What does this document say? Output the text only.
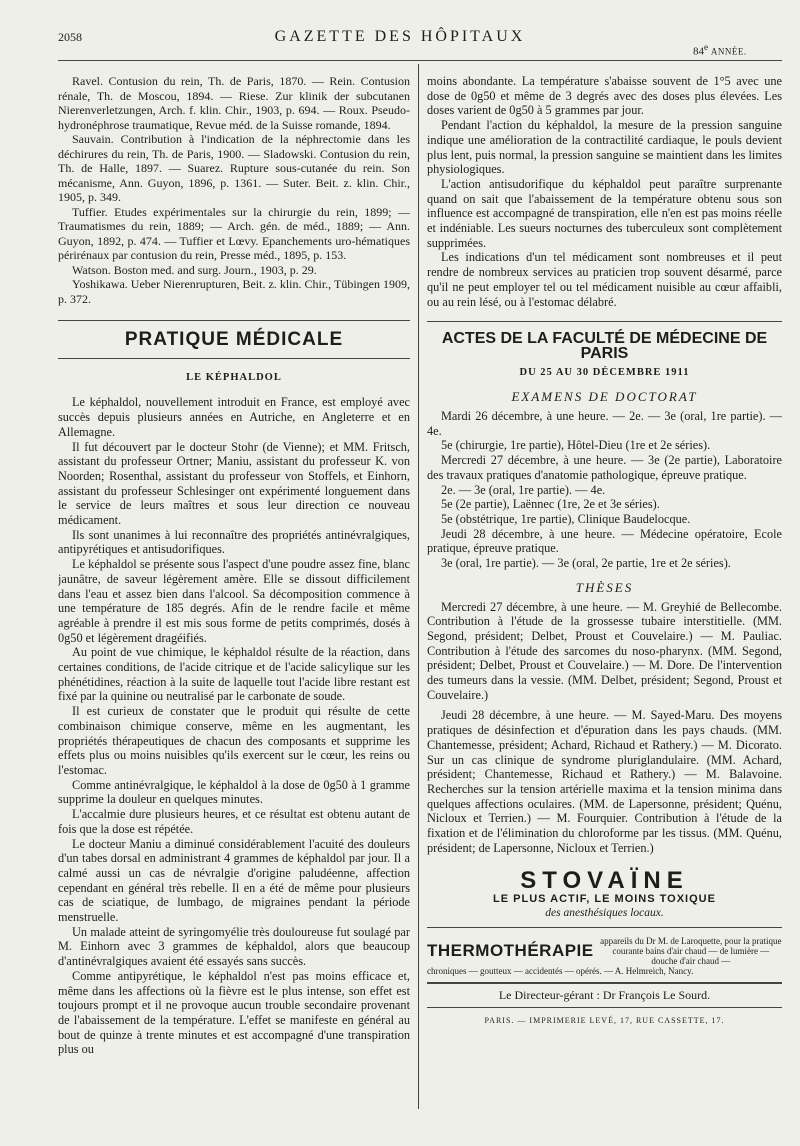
2058	GAZETTE DES HÔPITAUX
84e ANNÉE.

Ravel. Contusion du rein, Th. de Paris, 1870. — Rein. Contusion rénale, Th. de Moscou, 1894. — Riese. Zur klinik der subcutanen Nierenverletzungen, Arch. f. klin. Chir., 1903, p. 694. — Roux. Pseudo-hydronéphrose traumatique, Revue méd. de la Suisse romande, 1894.

Sauvain. Contribution à l'indication de la néphrectomie dans les déchirures du rein, Th. de Paris, 1900. — Sladowski. Contusion du rein, Th. de Halle, 1897. — Suarez. Rupture sous-cutanée du rein. Son mécanisme, Ann. Guyon, 1896, p. 1361. — Suter. Beit. z. klin. Chir., 1905, p. 349.

Tuffier. Etudes expérimentales sur la chirurgie du rein, 1899; — Traumatismes du rein, 1889; — Arch. gén. de méd., 1889; — Ann. Guyon, 1892, p. 474. — Tuffier et Lœvy. Epanchements uro-hématiques périrénaux par contusion du rein, Presse méd., 1895, p. 153.

Watson. Boston med. and surg. Journ., 1903, p. 29.

Yoshikawa. Ueber Nierenrupturen, Beit. z. klin. Chir., Tübingen 1909, p. 372.

PRATIQUE MÉDICALE
LE KÉPHALDOL

Le képhaldol, nouvellement introduit en France, est employé avec succès depuis plusieurs années en Autriche, en Angleterre et en Allemagne.

Il fut découvert par le docteur Stohr (de Vienne); et MM. Fritsch, assistant du professeur Ortner; Maniu, assistant du professeur K. von Noorden; Rosenthal, assistant du professeur von Stoffels, et Einhorn, assistant du professeur Schlesinger ont expérimenté longuement dans le service de leurs maîtres et sous leur direction ce nouveau médicament.

Ils sont unanimes à lui reconnaître des propriétés antinévralgiques, antipyrétiques et antisudorifiques.

Le képhaldol se présente sous l'aspect d'une poudre assez fine, blanc jaunâtre, de saveur légèrement amère. Elle se dissout difficilement dans l'eau et assez bien dans l'alcool. Sa décomposition commence à une température de 185 degrés. Afin de le rendre facile et même agréable à prendre il est mis sous forme de petits comprimés, dosés à 0g50 et légèrement dragéifiés.

Au point de vue chimique, le képhaldol résulte de la réaction, dans certaines conditions, de l'acide citrique et de l'acide salicylique sur les phénétidines, réaction à la suite de laquelle tout l'acide libre restant est fixé par la quinine ou neutralisé par le carbonate de soude.

Il est curieux de constater que le produit qui résulte de cette combinaison chimique conserve, même en les augmentant, les propriétés thérapeutiques de chacun des composants et supprime les effets plus ou moins nuisibles qu'ils exercent sur le cœur, les reins ou l'estomac.

Comme antinévralgique, le képhaldol à la dose de 0g50 à 1 gramme supprime la douleur en quelques minutes.

L'accalmie dure plusieurs heures, et ce résultat est obtenu autant de fois que la dose est répétée.

Le docteur Maniu a diminué considérablement l'acuité des douleurs d'un tabes dorsal en administrant 4 grammes de képhaldol par jour. Il a calmé aussi un cas de névralgie d'origine paludéenne, affection cependant en général très rebelle. Il en a été de même pour plusieurs cas de sciatique, de lumbago, de migraines pendant la période menstruelle.

Un malade atteint de syringomyélie très douloureuse fut soulagé par M. Einhorn avec 3 grammes de képhaldol, alors que beaucoup d'antinévralgiques avaient été essayés sans succès.

Comme antipyrétique, le képhaldol n'est pas moins efficace et, même dans les affections où la fièvre est le plus intense, son effet est toujours prompt et il ne provoque aucun trouble secondaire provenant de l'abaissement de la température. L'effet se manifeste en général au bout de quinze à trente minutes et est accompagné d'une transpiration plus ou

moins abondante. La température s'abaisse souvent de 1°5 avec une dose de 0g50 et même de 3 degrés avec des doses plus élevées. Les doses varient de 0g50 à 5 grammes par jour.

Pendant l'action du képhaldol, la mesure de la pression sanguine indique une amélioration de la contractilité cardiaque, le pouls devient plus lent, puis normal, la pression sanguine se maintient dans les limites physiologiques.

L'action antisudorifique du képhaldol peut paraître surprenante quand on sait que l'abaissement de la température obtenu sous son influence est accompagné de transpiration, elle n'en est pas moins réelle et indéniable. Les sueurs nocturnes des tuberculeux sont complètement supprimées.

Les indications d'un tel médicament sont nombreuses et il peut rendre de nombreux services au praticien trop souvent désarmé, parce qu'il ne peut employer tel ou tel médicament nuisible au cœur affaibli, ou au rein lésé, ou à l'estomac délabré.

ACTES DE LA FACULTÉ DE MÉDECINE DE PARIS
DU 25 AU 30 DÉCEMBRE 1911
EXAMENS DE DOCTORAT

Mardi 26 décembre, à une heure. — 2e. — 3e (oral, 1re partie). — 4e.

5e (chirurgie, 1re partie), Hôtel-Dieu (1re et 2e séries).

Mercredi 27 décembre, à une heure. — 3e (2e partie), Laboratoire des travaux pratiques d'anatomie pathologique, épreuve pratique.

2e. — 3e (oral, 1re partie). — 4e.

5e (2e partie), Laënnec (1re, 2e et 3e séries).

5e (obstétrique, 1re partie), Clinique Baudelocque.

Jeudi 28 décembre, à une heure. — Médecine opératoire, Ecole pratique, épreuve pratique.

3e (oral, 1re partie). — 3e (oral, 2e partie, 1re et 2e séries).

THÈSES

Mercredi 27 décembre, à une heure. — M. Greyhié de Bellecombe. Contribution à l'étude de la grossesse tubaire interstitielle. (MM. Segond, président; Delbet, Proust et Couvelaire.) — M. Pauliac. Contribution à l'étude des sarcomes du noso-pharynx. (MM. Segond, président; Delbet, Proust et Couvelaire.) — M. Dore. De l'intervention des tumeurs dans la vessie. (MM. Delbet, président; Segond, Proust et Couvelaire.)

Jeudi 28 décembre, à une heure. — M. Sayed-Maru. Des moyens pratiques de désinfection et d'épuration dans les pays chauds. (MM. Chantemesse, président; Achard, Richaud et Rathery.) — M. Dicorato. Sur un cas clinique de syndrome pluriglandulaire. (MM. Achard, président; Chantemesse, Richaud et Rathery.) — M. Balavoine. Recherches sur la tension artérielle maxima et la tension minima dans quelques affections oculaires. (MM. de Lapersonne, président; Quénu, Nicloux et Terrien.) — M. Fourquier. Contribution à l'étude de la fixation et de l'élimination du chloroforme par les tissus. (MM. Quénu, président; de Lapersonne, Nicloux et Terrien.)

STOVAÏNE
LE PLUS ACTIF, LE MOINS TOXIQUE
des anesthésiques locaux.
THERMOTHÉRAPIE appareils du Dr M. de Laroquette, pour la pratique courante bains d'air chaud — de lumière — douche d'air chaud —
chroniques — goutteux — accidentés — opérés. — A. Helmreich, Nancy.
Le Directeur-gérant : Dr François Le Sourd.
PARIS. — IMPRIMERIE LEVÉ, 17, RUE CASSETTE, 17.
